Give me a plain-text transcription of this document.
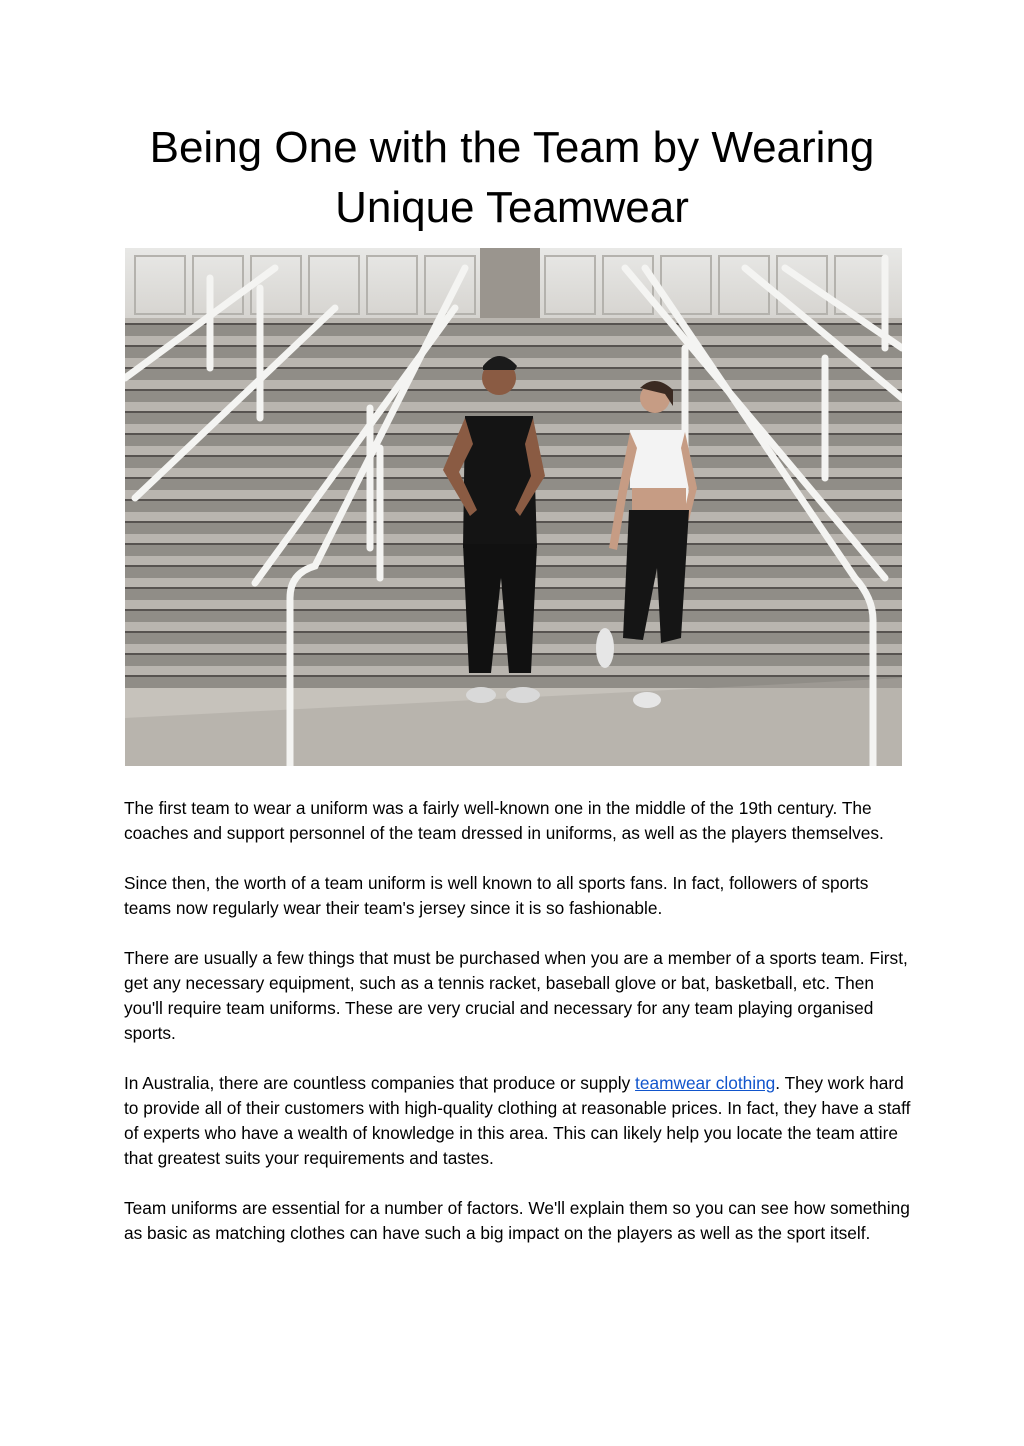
Being One with the Team by Wearing Unique Teamwear

The first team to wear a uniform was a fairly well-known one in the middle of the 19th century. The coaches and support personnel of the team dressed in uniforms, as well as the players themselves.

Since then, the worth of a team uniform is well known to all sports fans. In fact, followers of sports teams now regularly wear their team's jersey since it is so fashionable.

There are usually a few things that must be purchased when you are a member of a sports team. First, get any necessary equipment, such as a tennis racket, baseball glove or bat, basketball, etc. Then you'll require team uniforms. These are very crucial and necessary for any team playing organised sports.

In Australia, there are countless companies that produce or supply teamwear clothing. They work hard to provide all of their customers with high-quality clothing at reasonable prices. In fact, they have a staff of experts who have a wealth of knowledge in this area. This can likely help you locate the team attire that greatest suits your requirements and tastes.

Team uniforms are essential for a number of factors. We'll explain them so you can see how something as basic as matching clothes can have such a big impact on the players as well as the sport itself.
